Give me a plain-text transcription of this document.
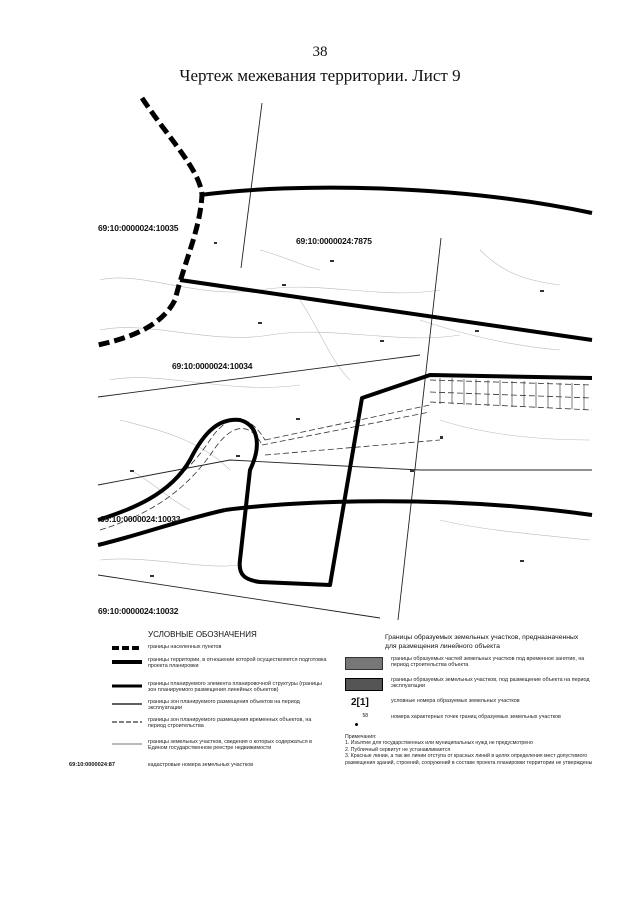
38
Чертеж межевания территории. Лист 9
69:10:0000024:10035
69:10:0000024:7875
69:10:0000024:10034
69:10:0000024:10033
69:10:0000024:10032
УСЛОВНЫЕ ОБОЗНАЧЕНИЯ
границы населенных пунктов
границы территории, в отношении которой осуществляется подготовка проекта планировки
границы планируемого элемента планировочной структуры (границы зон планируемого размещения линейных объектов)
границы зон планируемого размещения объектов на период эксплуатации
границы зон планируемого размещения временных объектов, на период строительства
границы земельных участков, сведения о которых содержаться в Едином государственном реестре недвижимости
69:10:0000024:87	кадастровые номера земельных участков
Границы образуемых земельных участков, предназначенных для размещения линейного объекта
границы образуемых частей земельных участков под временное занятие, на период строительства объекта
границы образуемых земельных участков, под размещение объекта на период эксплуатации
2[1]	условные номера образуемых земельных участков
$^{58}$	номера характерных точек границ образуемых земельных участков
Примечания:
1. Изъятие для государственных или муниципальных нужд не предусмотрено
2. Публичный сервитут не устанавливается
3. Красные линии, а так же линии отступа от красных линий в целях определения мест допустимого размещения зданий, строений, сооружений в составе проекта планировки территории не утверждены
